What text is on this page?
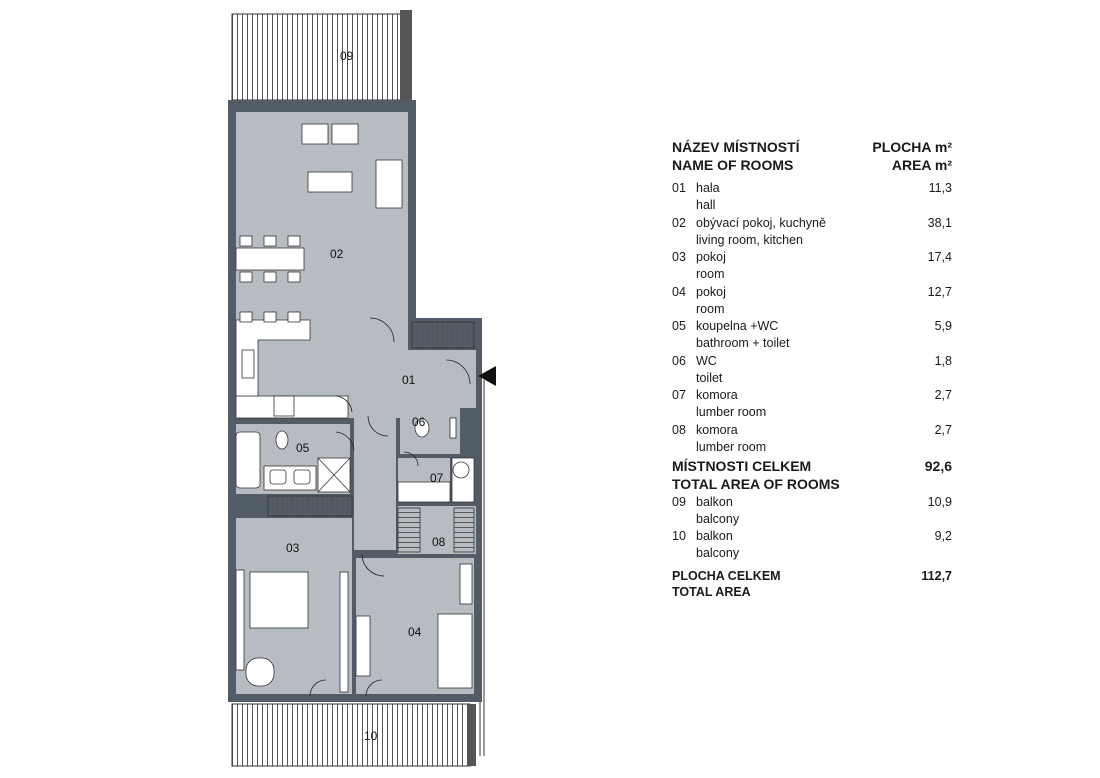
09
02
01
06
05
07
08
03
04
10
NÁZEV MÍSTNOSTÍ
NAME OF ROOMS
PLOCHA m²
AREA m²
01 hala
hall
11,3
02 obývací pokoj, kuchyně
living room, kitchen
38,1
03 pokoj
room
17,4
04 pokoj
room
12,7
05 koupelna +WC
bathroom + toilet
5,9
06 WC
toilet
1,8
07 komora
lumber room
2,7
08 komora
lumber room
2,7
MÍSTNOSTI CELKEM
TOTAL AREA OF ROOMS
92,6
09 balkon
balcony
10,9
10 balkon
balcony
9,2
PLOCHA CELKEM
TOTAL AREA
112,7
